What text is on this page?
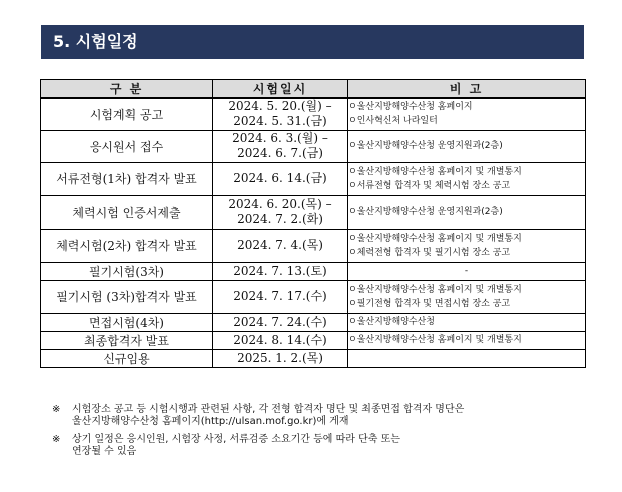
5. 시험일정
구 분	시험일시	비 고
시험계획 공고	2024. 5. 20.(월) –
2024. 5. 31.(금)	ㅇ울산지방해양수산청 홈페이지
ㅇ인사혁신처 나라일터

응시원서 접수	2024. 6. 3.(월) –
2024. 6. 7.(금)	ㅇ울산지방해양수산청 운영지원과(2층)

서류전형(1차) 합격자 발표	2024. 6. 14.(금)	ㅇ울산지방해양수산청 홈페이지 및 개별통지
ㅇ서류전형 합격자 및 체력시험 장소 공고

체력시험 인증서제출	2024. 6. 20.(목) –
2024. 7. 2.(화)	ㅇ울산지방해양수산청 운영지원과(2층)

체력시험(2차) 합격자 발표	2024. 7. 4.(목)	ㅇ울산지방해양수산청 홈페이지 및 개별통지
ㅇ체력전형 합격자 및 필기시험 장소 공고

필기시험(3차)	2024. 7. 13.(토)	-

필기시험 (3차)합격자 발표	2024. 7. 17.(수)	ㅇ울산지방해양수산청 홈페이지 및 개별통지
ㅇ필기전형 합격자 및 면접시험 장소 공고

면접시험(4차)	2024. 7. 24.(수)	ㅇ울산지방해양수산청

최종합격자 발표	2024. 8. 14.(수)	ㅇ울산지방해양수산청 홈페이지 및 개별통지

신규임용	2025. 1. 2.(목)	

※	시험장소 공고 등 시험시행과 관련된 사항, 각 전형 합격자 명단 및 최종면접 합격자 명단은
울산지방해양수산청 홈페이지(http://ulsan.mof.go.kr)에 게재
※	상기 일정은 응시인원, 시험장 사정, 서류검증 소요기간 등에 따라 단축 또는
연장될 수 있음
